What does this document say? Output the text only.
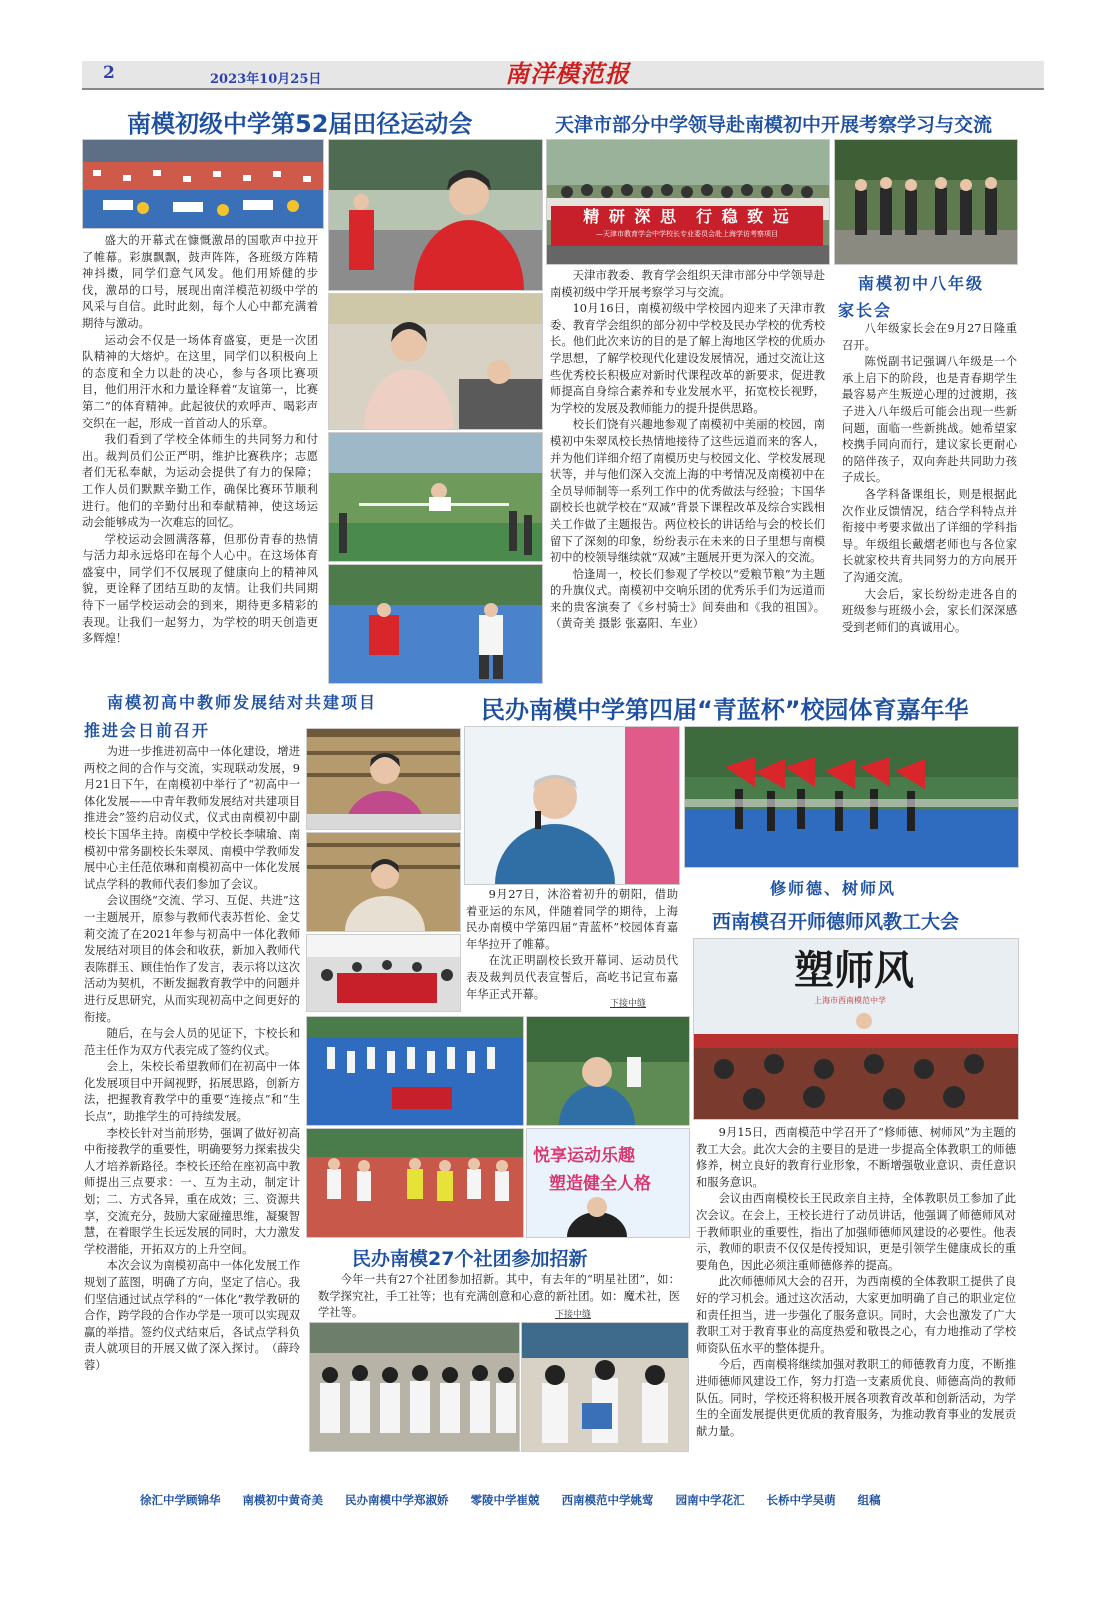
2	2023年10月25日	南洋模范报
南模初级中学第52届田径运动会

盛大的开幕式在慷慨激昂的国歌声中拉开了帷幕。彩旗飘飘，鼓声阵阵，各班级方阵精神抖擞，同学们意气风发。他们用矫健的步伐，激昂的口号，展现出南洋模范初级中学的风采与自信。此时此刻，每个人心中都充满着期待与激动。

运动会不仅是一场体育盛宴，更是一次团队精神的大熔炉。在这里，同学们以积极向上的态度和全力以赴的决心，参与各项比赛项目，他们用汗水和力量诠释着“友谊第一，比赛第二”的体育精神。此起彼伏的欢呼声、喝彩声交织在一起，形成一首首动人的乐章。

我们看到了学校全体师生的共同努力和付出。裁判员们公正严明，维护比赛秩序；志愿者们无私奉献，为运动会提供了有力的保障；工作人员们默默辛勤工作，确保比赛环节顺利进行。他们的辛勤付出和奉献精神，使这场运动会能够成为一次难忘的回忆。

学校运动会圆满落幕，但那份青春的热情与活力却永远烙印在每个人心中。在这场体育盛宴中，同学们不仅展现了健康向上的精神风貌，更诠释了团结互助的友情。让我们共同期待下一届学校运动会的到来，期待更多精彩的表现。让我们一起努力，为学校的明天创造更多辉煌！

天津市部分中学领导赴南模初中开展考察学习与交流
精 研 深 思　行 稳 致 远
—天津市教育学会中学校长专业委员会赴上海学访考察项目

天津市教委、教育学会组织天津市部分中学领导赴南模初级中学开展考察学习与交流。

10月16日，南模初级中学校园内迎来了天津市教委、教育学会组织的部分初中学校及民办学校的优秀校长。他们此次来访的目的是了解上海地区学校的优质办学思想，了解学校现代化建设发展情况，通过交流让这些优秀校长积极应对新时代课程改革的新要求，促进教师提高自身综合素养和专业发展水平，拓宽校长视野，为学校的发展及教师能力的提升提供思路。

校长们饶有兴趣地参观了南模初中美丽的校园，南模初中朱翠凤校长热情地接待了这些远道而来的客人，并为他们详细介绍了南模历史与校园文化、学校发展现状等，并与他们深入交流上海的中考情况及南模初中在全员导师制等一系列工作中的优秀做法与经验；卞国华副校长也就学校在“双减”背景下课程改革及综合实践相关工作做了主题报告。两位校长的讲话给与会的校长们留下了深刻的印象，纷纷表示在未来的日子里想与南模初中的校领导继续就“双减”主题展开更为深入的交流。

恰逢周一，校长们参观了学校以“爱粮节粮”为主题的升旗仪式。南模初中交响乐团的优秀乐手们为远道而来的贵客演奏了《乡村骑士》间奏曲和《我的祖国》。（黄奇美 摄影 张嘉阳、车业）

南模初中八年级
家长会

八年级家长会在9月27日隆重召开。

陈悦副书记强调八年级是一个承上启下的阶段，也是青春期学生最容易产生叛逆心理的过渡期，孩子进入八年级后可能会出现一些新问题，面临一些新挑战。她希望家校携手同向而行，建议家长更耐心的陪伴孩子，双向奔赴共同助力孩子成长。

各学科备课组长，则是根据此次作业反馈情况，结合学科特点并衔接中考要求做出了详细的学科指导。年级组长戴熠老师也与各位家长就家校共育共同努力的方向展开了沟通交流。

大会后，家长纷纷走进各自的班级参与班级小会，家长们深深感受到老师们的真诚用心。

南模初高中教师发展结对共建项目
推进会日前召开

为进一步推进初高中一体化建设，增进两校之间的合作与交流，实现联动发展，9月21日下午，在南模初中举行了“初高中一体化发展——中青年教师发展结对共建项目推进会”签约启动仪式，仪式由南模初中副校长卞国华主持。南模中学校长李啸瑜、南模初中常务副校长朱翠凤、南模中学教师发展中心主任范依琳和南模初高中一体化发展试点学科的教师代表们参加了会议。

会议围绕“交流、学习、互促、共进”这一主题展开，原参与教师代表苏哲伦、金艾莉交流了在2021年参与初高中一体化教师发展结对项目的体会和收获，新加入教师代表陈群玉、顾佳怡作了发言，表示将以这次活动为契机，不断发掘教育教学中的问题并进行反思研究，从而实现初高中之间更好的衔接。

随后，在与会人员的见证下，卞校长和范主任作为双方代表完成了签约仪式。

会上，朱校长希望教师们在初高中一体化发展项目中开阔视野，拓展思路，创新方法，把握教育教学中的重要“连接点”和“生长点”，助推学生的可持续发展。

李校长针对当前形势，强调了做好初高中衔接教学的重要性，明确要努力探索拔尖人才培养新路径。李校长还给在座初高中教师提出三点要求：一、互为主动，制定计划；二、方式各异，重在成效；三、资源共享，交流充分，鼓励大家碰撞思维，凝聚智慧，在着眼学生长远发展的同时，大力激发学校潜能，开拓双方的上升空间。

本次会议为南模初高中一体化发展工作规划了蓝图，明确了方向，坚定了信心。我们坚信通过试点学科的“一体化”教学教研的合作，跨学段的合作办学是一项可以实现双赢的举措。签约仪式结束后，各试点学科负责人就项目的开展又做了深入探讨。　（薛玲蓉）

民办南模中学第四届“青蓝杯”校园体育嘉年华

9月27日，沐浴着初升的朝阳，借助着亚运的东风，伴随着同学的期待，上海民办南模中学第四届“青蓝杯”校园体育嘉年华拉开了帷幕。

在沈正明副校长致开幕词、运动员代表及裁判员代表宣誓后，高屹书记宣布嘉年华正式开幕。

下接中缝
悦享运动乐趣
塑造健全人格
民办南模27个社团参加招新

今年一共有27个社团参加招新。其中，有去年的“明星社团”，如：数学探究社，手工社等；也有充满创意和心意的新社团。如：魔术社，医学社等。	下接中缝
修师德、树师风
西南模召开师德师风教工大会
塑师风
上海市西南模范中学

9月15日，西南模范中学召开了“修师德、树师风”为主题的教工大会。此次大会的主要目的是进一步提高全体教职工的师德修养，树立良好的教育行业形象，不断增强敬业意识、责任意识和服务意识。

会议由西南模校长王民政亲自主持，全体教职员工参加了此次会议。在会上，王校长进行了动员讲话，他强调了师德师风对于教师职业的重要性，指出了加强师德师风建设的必要性。他表示，教师的职责不仅仅是传授知识，更是引领学生健康成长的重要角色，因此必须注重师德修养的提高。

此次师德师风大会的召开，为西南模的全体教职工提供了良好的学习机会。通过这次活动，大家更加明确了自己的职业定位和责任担当，进一步强化了服务意识。同时，大会也激发了广大教职工对于教育事业的高度热爱和敬畏之心，有力地推动了学校师资队伍水平的整体提升。

今后，西南模将继续加强对教职工的师德教育力度，不断推进师德师风建设工作，努力打造一支素质优良、师德高尚的教师队伍。同时，学校还将积极开展各项教育改革和创新活动，为学生的全面发展提供更优质的教育服务，为推动教育事业的发展贡献力量。

徐汇中学顾锦华 南模初中黄奇美 民办南模中学郑淑娇 零陵中学崔兢 西南模范中学姚莺 园南中学花汇 长桥中学吴萌 组稿
